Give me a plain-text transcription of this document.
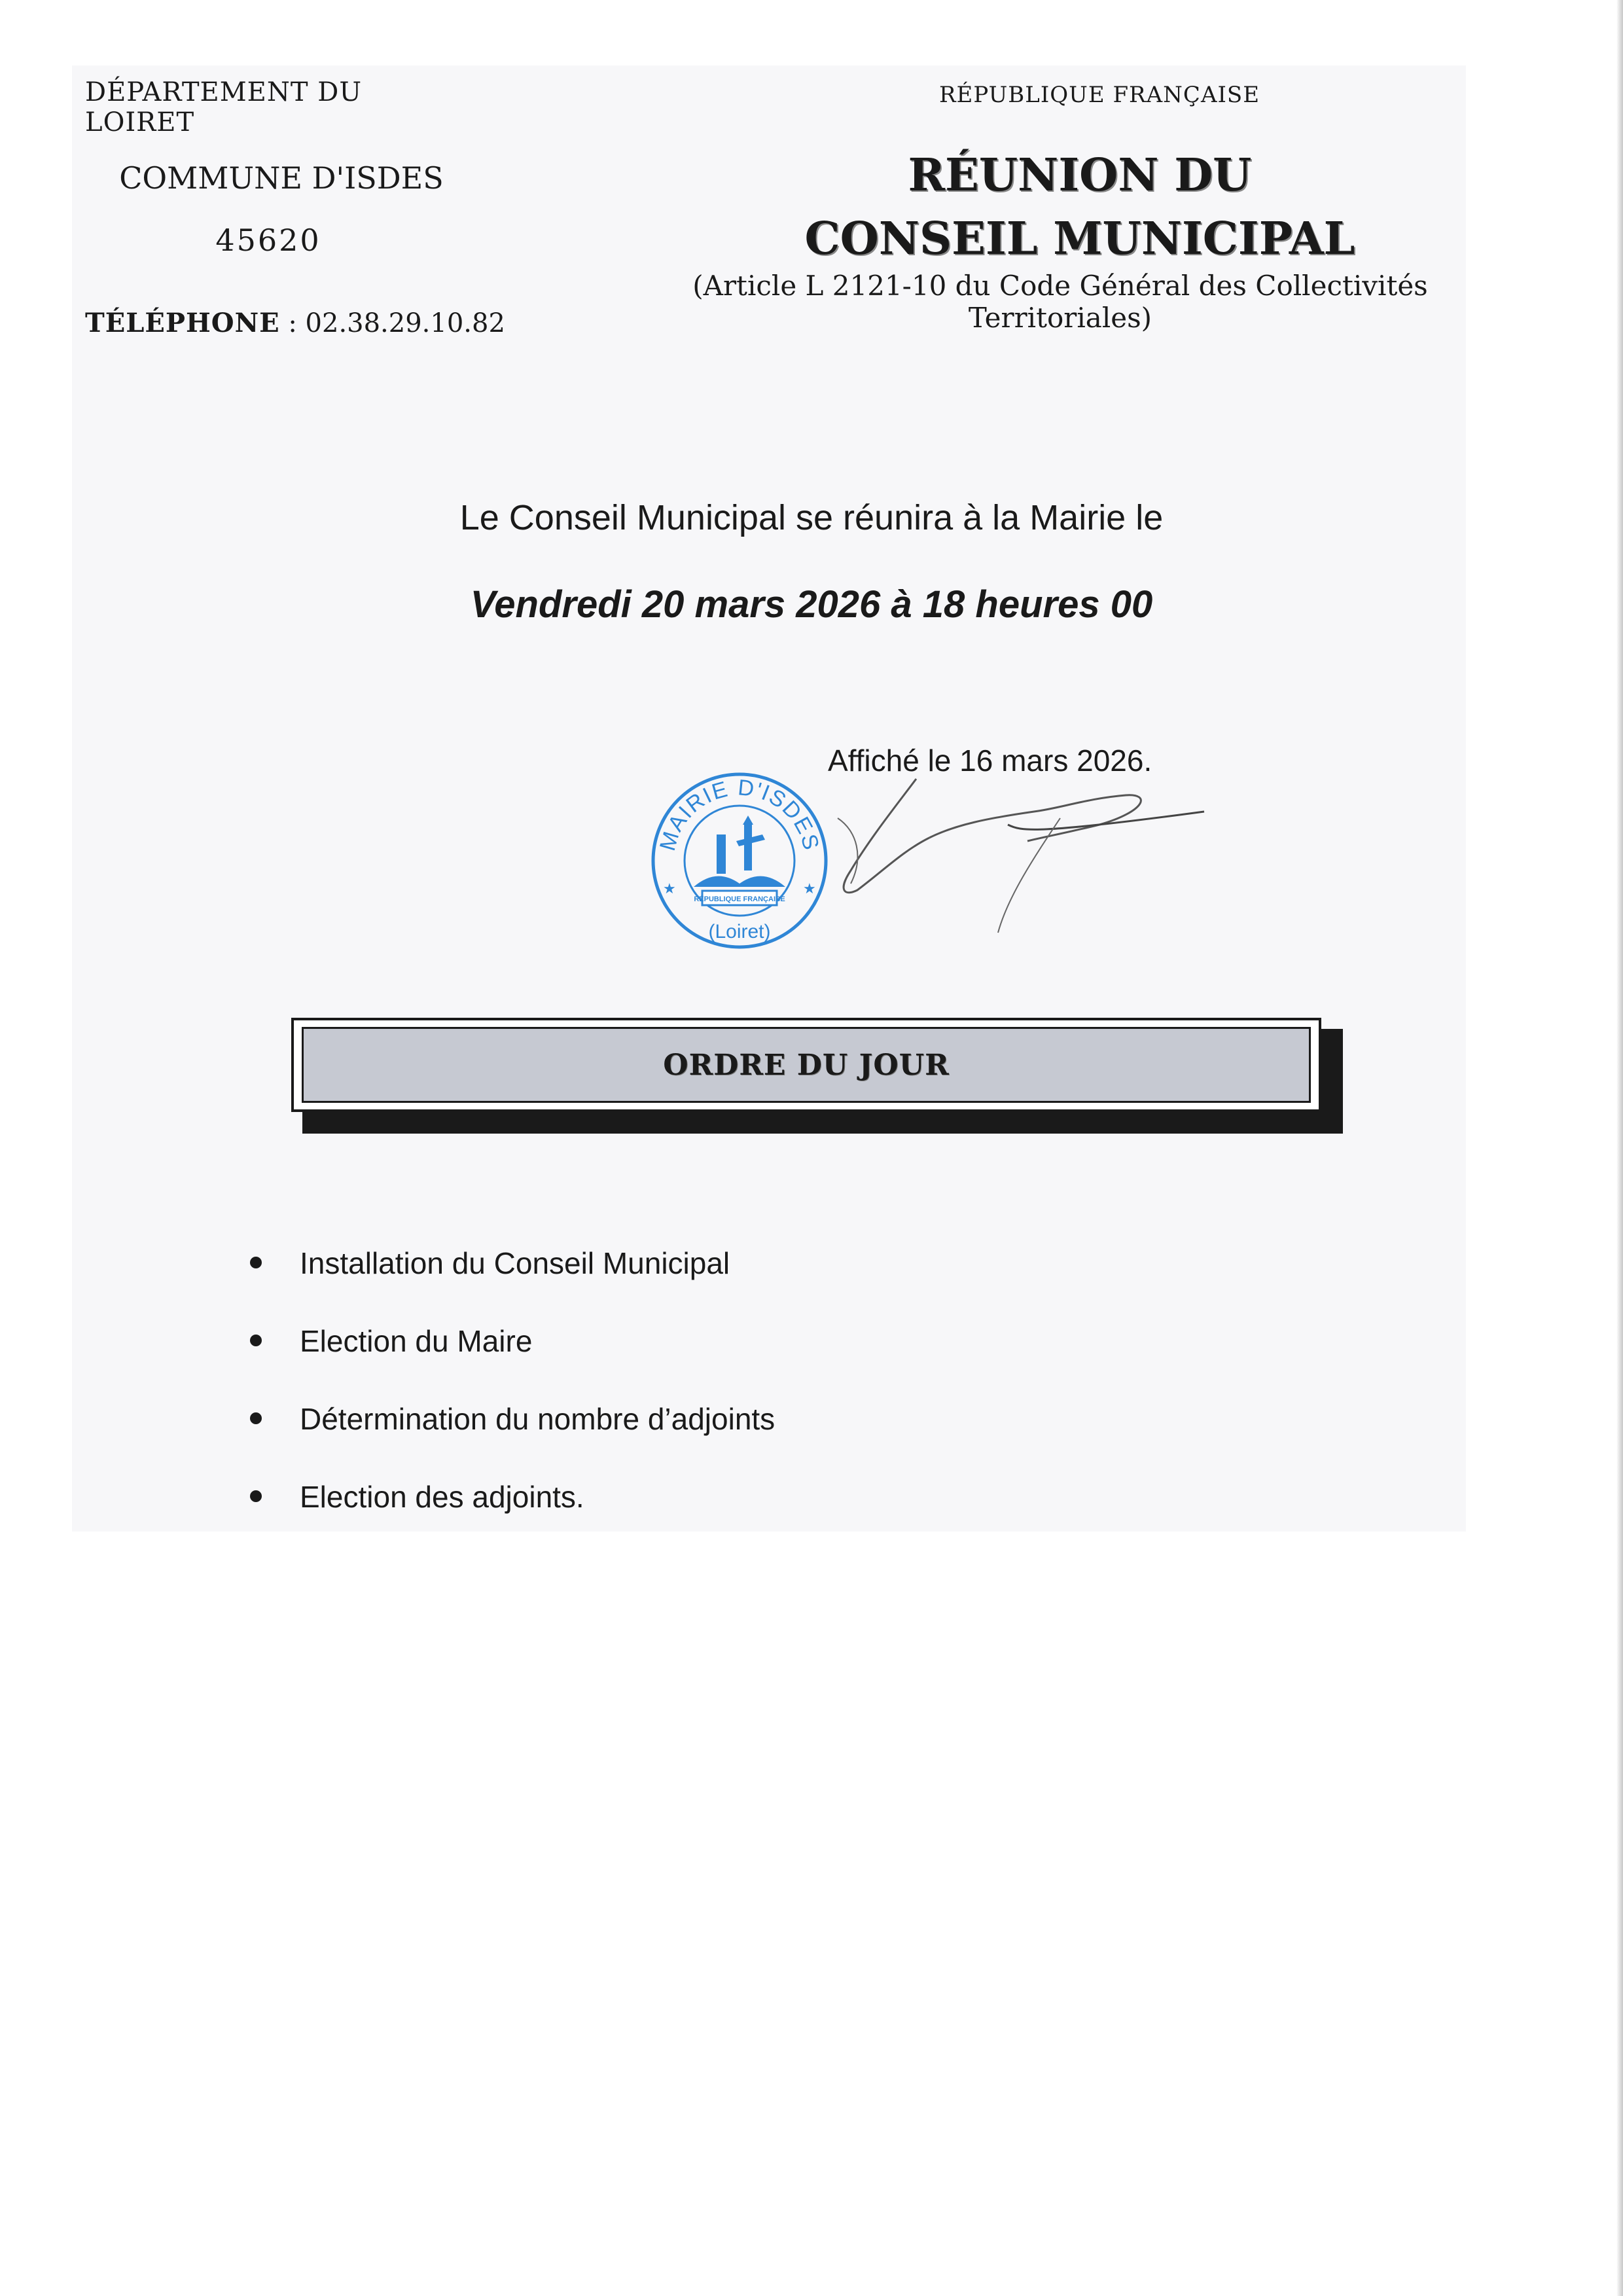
DÉPARTEMENT DU LOIRET
COMMUNE D'ISDES
45620
TÉLÉPHONE : 02.38.29.10.82
RÉPUBLIQUE FRANÇAISE
RÉUNION DU
CONSEIL MUNICIPAL
(Article L 2121-10 du Code Général des Collectivités Territoriales)
Le Conseil Municipal se réunira à la Mairie le
Vendredi 20 mars 2026 à 18 heures 00
MAIRIE D'ISDES
(Loiret)
RÉPUBLIQUE FRANÇAISE
★	★
Affiché le 16 mars 2026.
ORDRE DU JOUR
Installation du Conseil Municipal
Election du Maire
Détermination du nombre d’adjoints
Election des adjoints.
